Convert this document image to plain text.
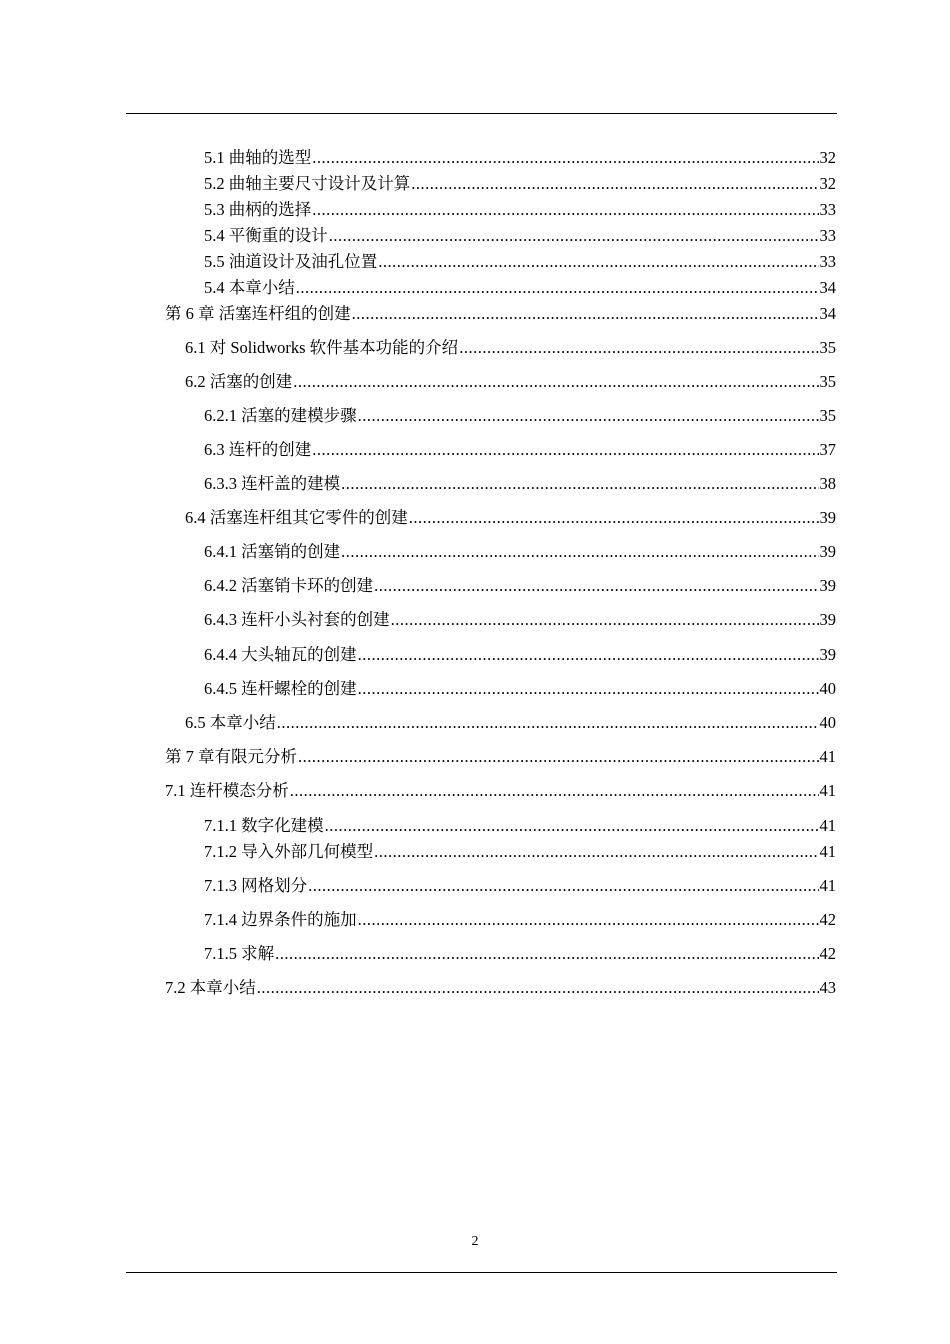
5.1 曲轴的选型 .....	32
5.2 曲轴主要尺寸设计及计算 .....	32
5.3 曲柄的选择 .....	33
5.4 平衡重的设计 .....	33
5.5 油道设计及油孔位置 .....	33
5.4 本章小结 .....	34
第 6 章 活塞连杆组的创建 .....	34
6.1 对 Solidworks 软件基本功能的介绍 .....	35
6.2 活塞的创建 .....	35
6.2.1 活塞的建模步骤 .....	35
6.3 连杆的创建 .....	37
6.3.3 连杆盖的建模 .....	38
6.4 活塞连杆组其它零件的创建 .....	39
6.4.1 活塞销的创建 .....	39
6.4.2 活塞销卡环的创建 .....	39
6.4.3 连杆小头衬套的创建 .....	39
6.4.4 大头轴瓦的创建 .....	39
6.4.5 连杆螺栓的创建 .....	40
6.5 本章小结 .....	40
第 7 章有限元分析 .....	41
7.1 连杆模态分析 .....	41
7.1.1 数字化建模 .....	41
7.1.2 导入外部几何模型 .....	41
7.1.3 网格划分 .....	41
7.1.4 边界条件的施加 .....	42
7.1.5 求解 .....	42
7.2 本章小结 .....	43
2
